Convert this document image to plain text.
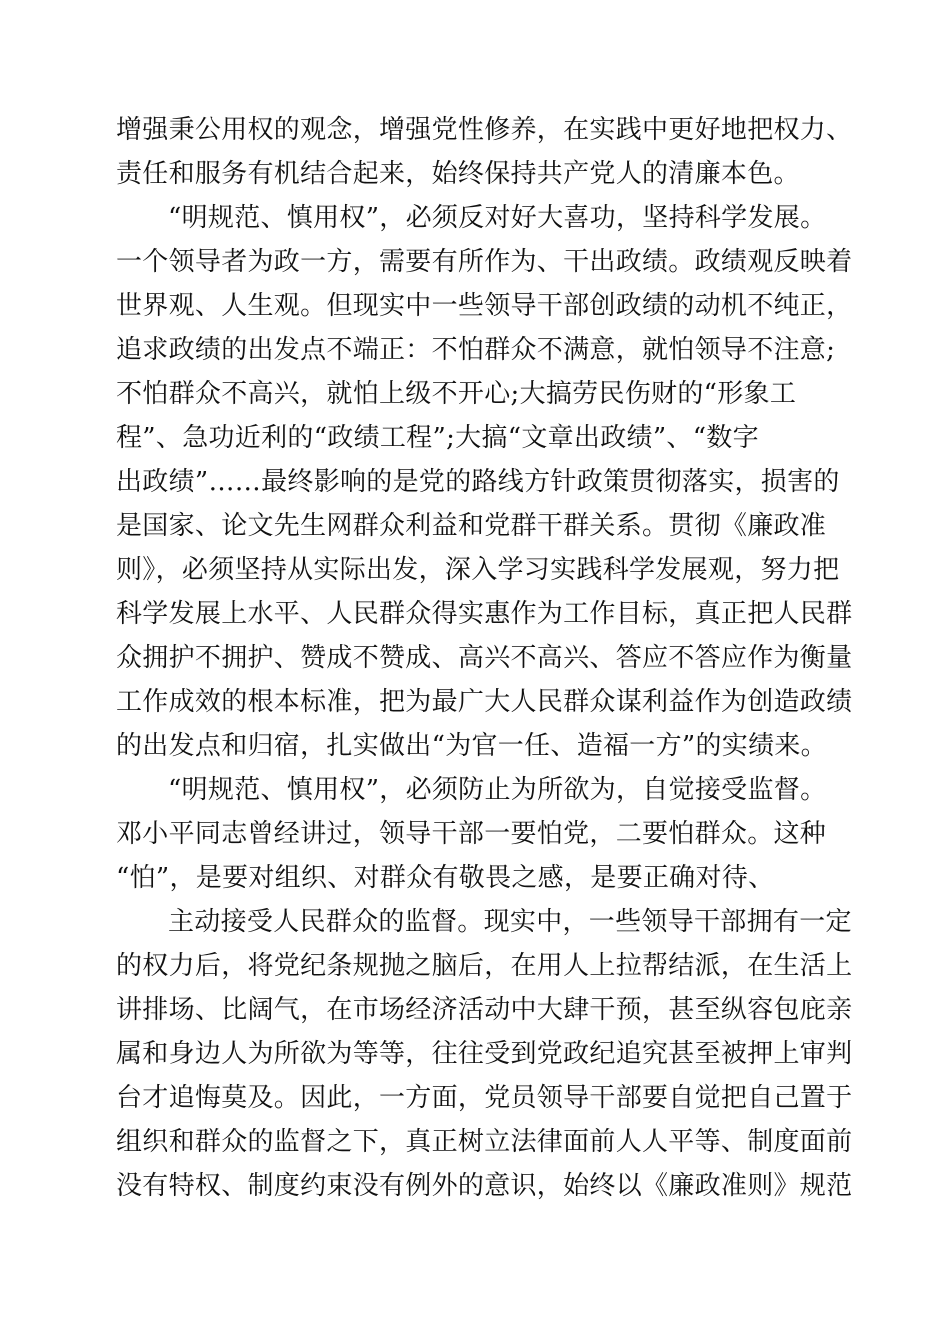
增强秉公用权的观念，增强党性修养，在实践中更好地把权力、
责任和服务有机结合起来，始终保持共产党人的清廉本色。
“明规范、慎用权”，必须反对好大喜功，坚持科学发展。
一个领导者为政一方，需要有所作为、干出政绩。政绩观反映着
世界观、人生观。但现实中一些领导干部创政绩的动机不纯正，
追求政绩的出发点不端正：不怕群众不满意，就怕领导不注意;
不怕群众不高兴，就怕上级不开心;大搞劳民伤财的“形象工
程”、急功近利的“政绩工程”;大搞“文章出政绩”、“数字
出政绩”……最终影响的是党的路线方针政策贯彻落实，损害的
是国家、论文先生网群众利益和党群干群关系。贯彻《廉政准
则》，必须坚持从实际出发，深入学习实践科学发展观，努力把
科学发展上水平、人民群众得实惠作为工作目标，真正把人民群
众拥护不拥护、赞成不赞成、高兴不高兴、答应不答应作为衡量
工作成效的根本标准，把为最广大人民群众谋利益作为创造政绩
的出发点和归宿，扎实做出“为官一任、造福一方”的实绩来。
“明规范、慎用权”，必须防止为所欲为，自觉接受监督。
邓小平同志曾经讲过，领导干部一要怕党，二要怕群众。这种
“怕”，是要对组织、对群众有敬畏之感，是要正确对待、
主动接受人民群众的监督。现实中，一些领导干部拥有一定
的权力后，将党纪条规抛之脑后，在用人上拉帮结派，在生活上
讲排场、比阔气，在市场经济活动中大肆干预，甚至纵容包庇亲
属和身边人为所欲为等等，往往受到党政纪追究甚至被押上审判
台才追悔莫及。因此，一方面，党员领导干部要自觉把自己置于
组织和群众的监督之下，真正树立法律面前人人平等、制度面前
没有特权、制度约束没有例外的意识，始终以《廉政准则》规范
